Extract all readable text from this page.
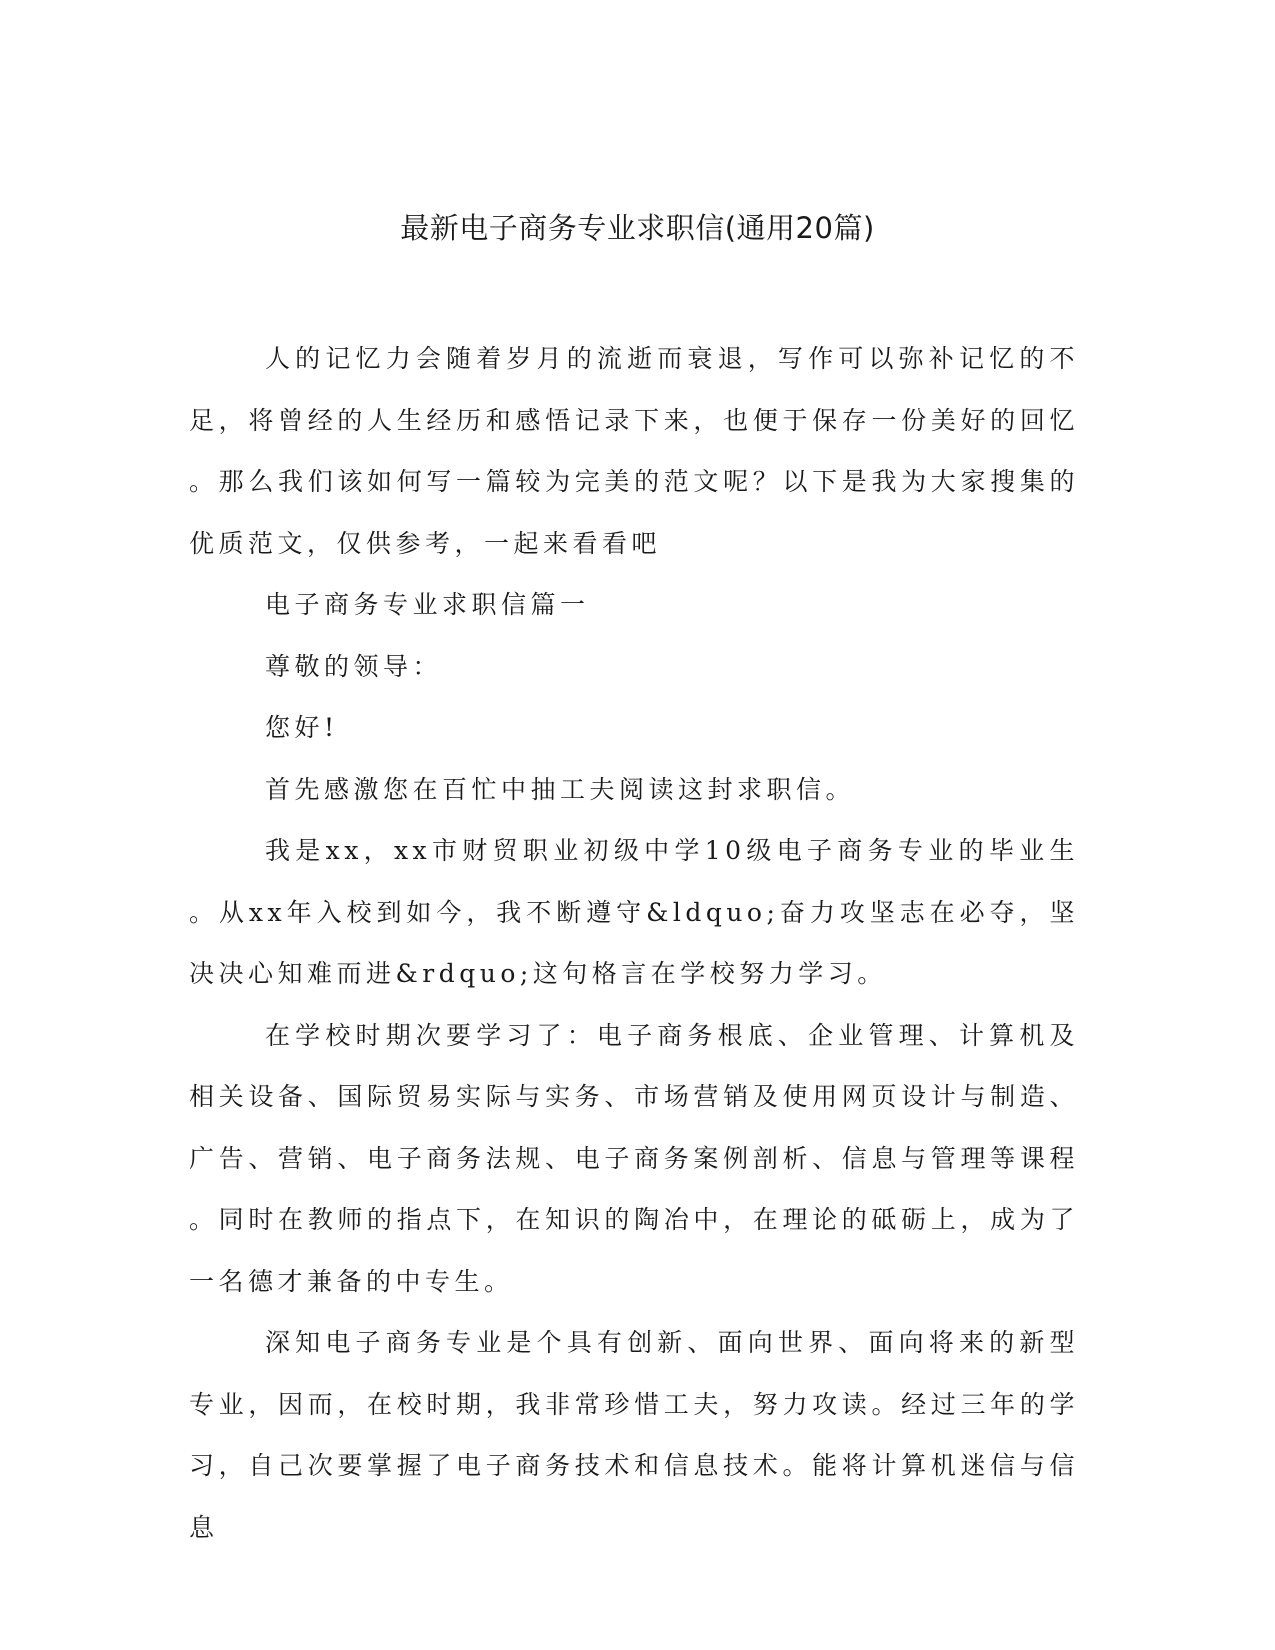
最新电子商务专业求职信(通用20篇)

人的记忆力会随着岁月的流逝而衰退，写作可以弥补记忆的不足，将曾经的人生经历和感悟记录下来，也便于保存一份美好的回忆。那么我们该如何写一篇较为完美的范文呢？以下是我为大家搜集的优质范文，仅供参考，一起来看看吧

电子商务专业求职信篇一

尊敬的领导：

您好!

首先感激您在百忙中抽工夫阅读这封求职信。

我是xx，xx市财贸职业初级中学10级电子商务专业的毕业生。从xx年入校到如今，我不断遵守&ldquo;奋力攻坚志在必夺，坚决决心知难而进&rdquo;这句格言在学校努力学习。

在学校时期次要学习了：电子商务根底、企业管理、计算机及相关设备、国际贸易实际与实务、市场营销及使用网页设计与制造、广告、营销、电子商务法规、电子商务案例剖析、信息与管理等课程。同时在教师的指点下，在知识的陶冶中，在理论的砥砺上，成为了一名德才兼备的中专生。

深知电子商务专业是个具有创新、面向世界、面向将来的新型专业，因而，在校时期，我非常珍惜工夫，努力攻读。经过三年的学习，自己次要掌握了电子商务技术和信息技术。能将计算机迷信与信息
